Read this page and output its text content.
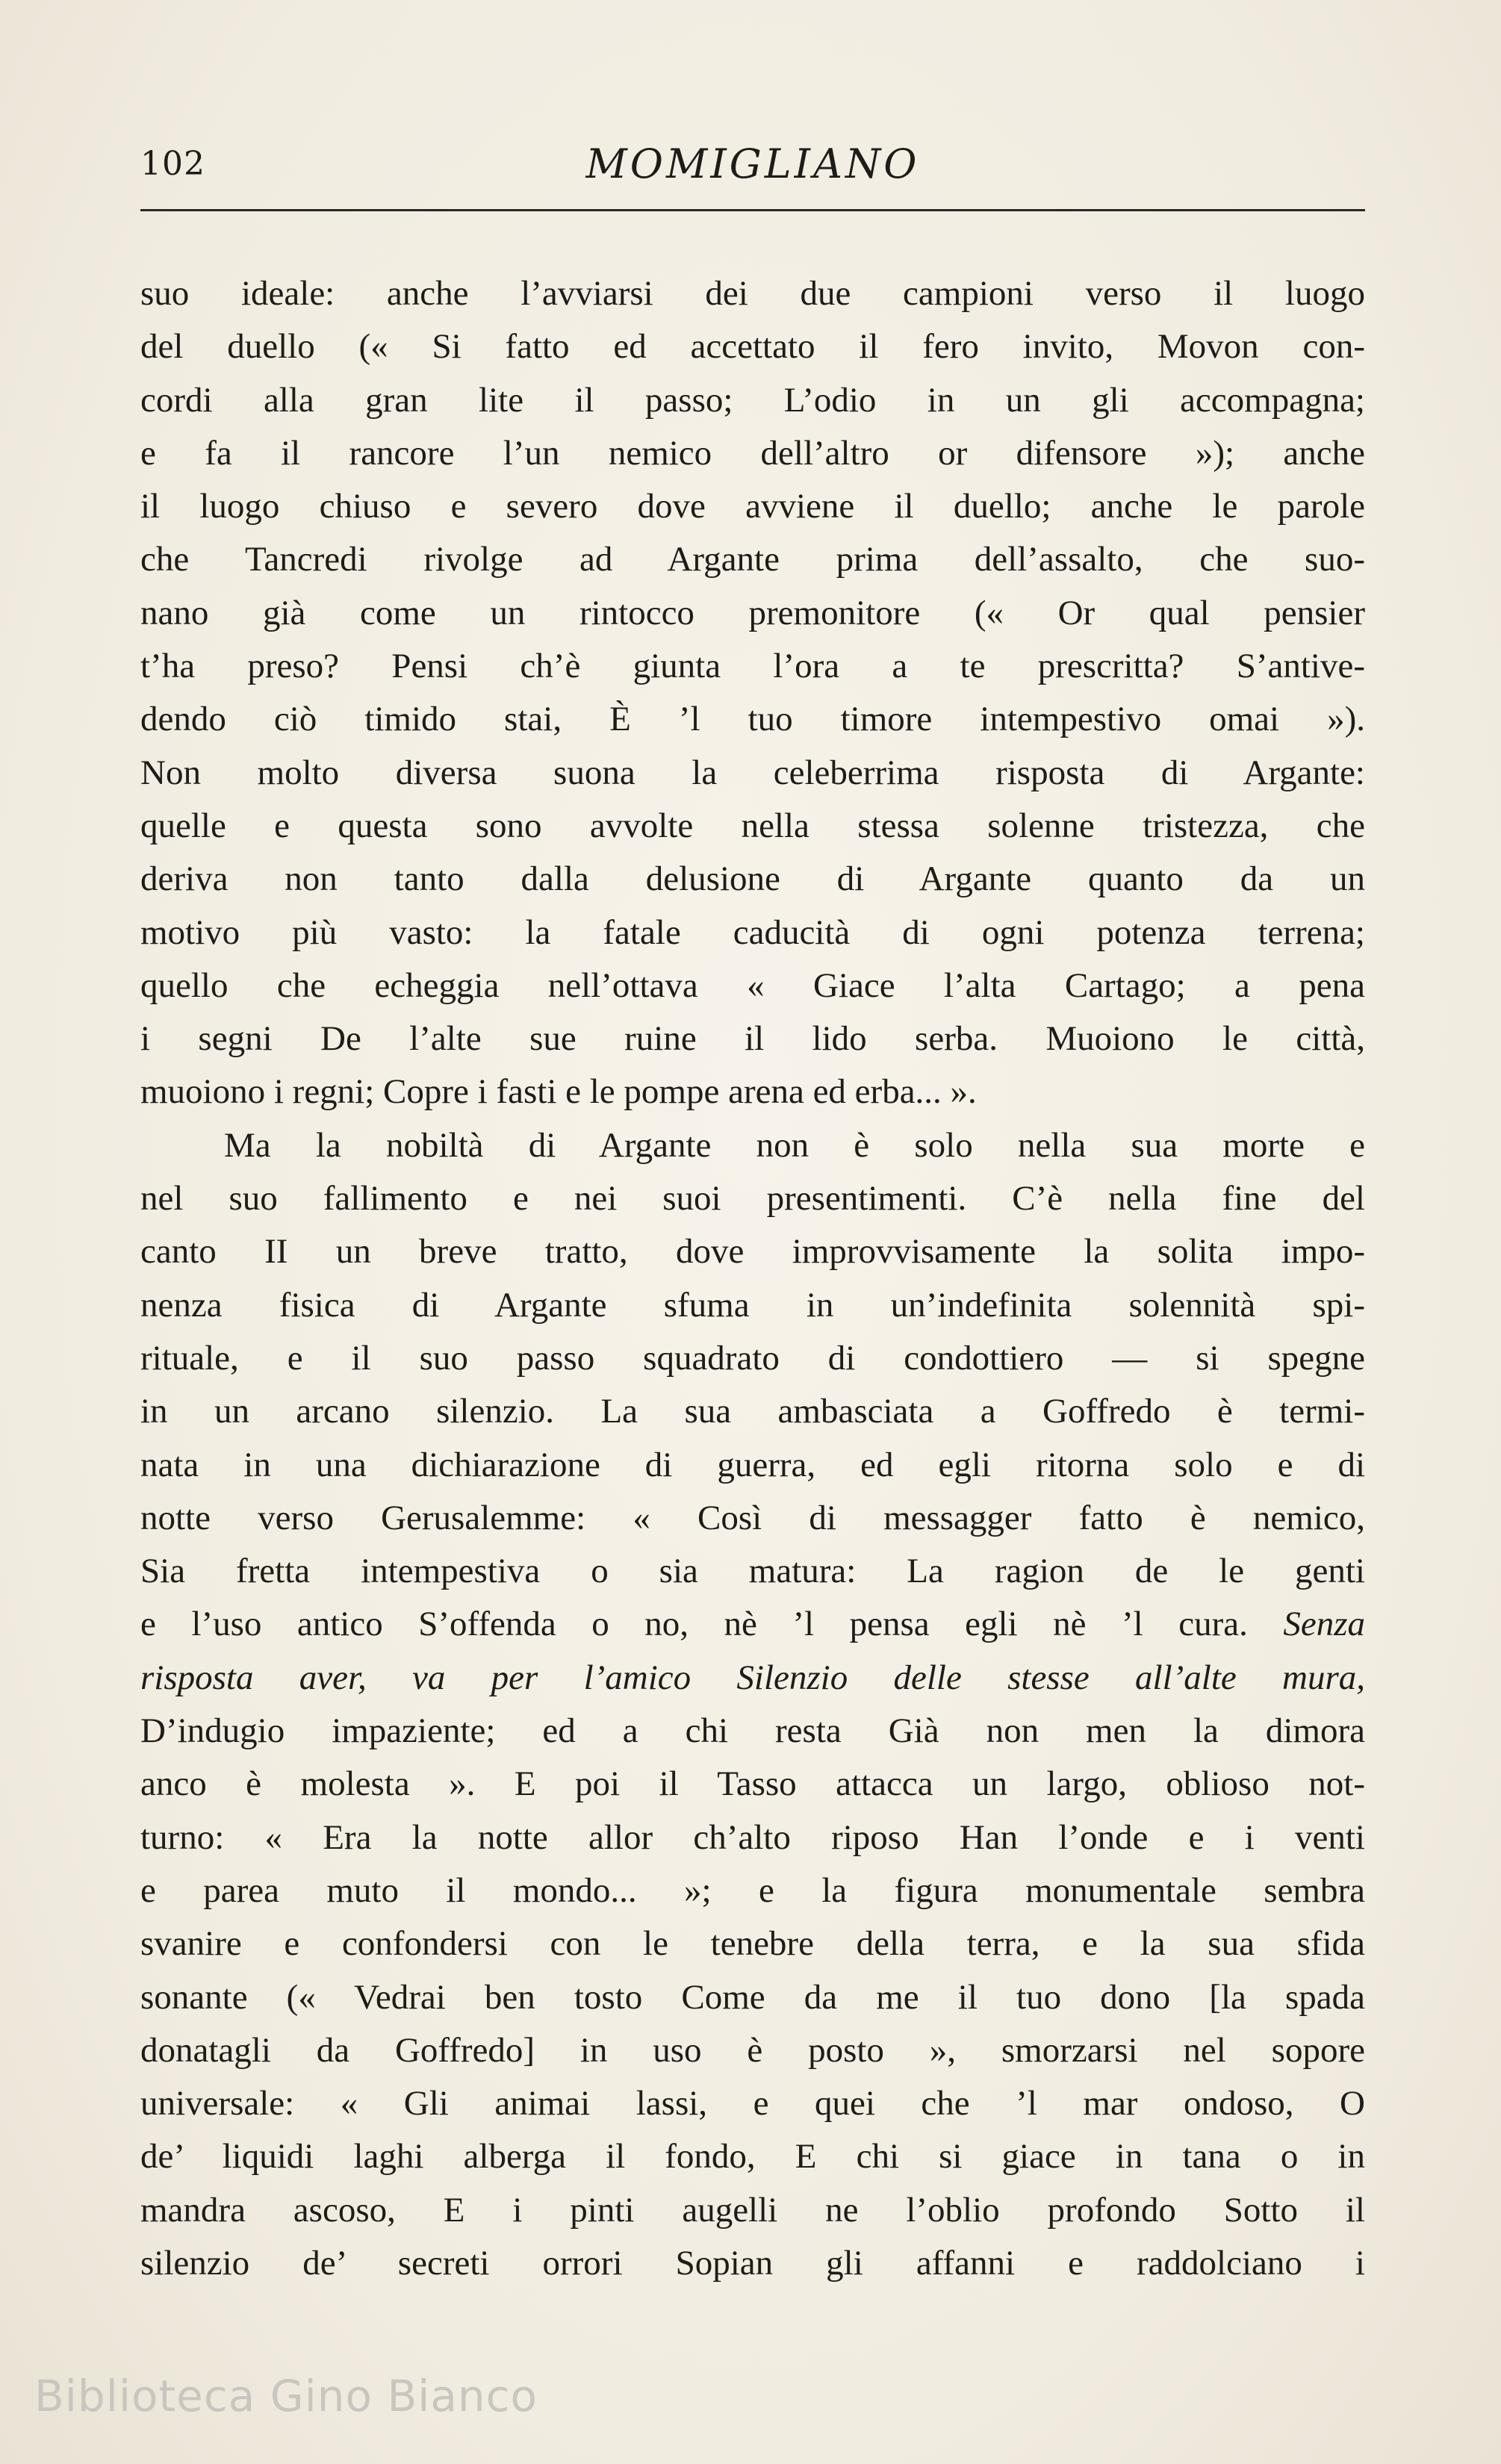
102	MOMIGLIANO
suo ideale: anche l’avviarsi dei due campioni verso il luogo
del duello (« Si fatto ed accettato il fero invito, Movon con-
cordi alla gran lite il passo; L’odio in un gli accompagna;
e fa il rancore l’un nemico dell’altro or difensore »); anche
il luogo chiuso e severo dove avviene il duello; anche le parole
che Tancredi rivolge ad Argante prima dell’assalto, che suo-
nano già come un rintocco premonitore (« Or qual pensier
t’ha preso? Pensi ch’è giunta l’ora a te prescritta? S’antive-
dendo ciò timido stai, È ’l tuo timore intempestivo omai »).
Non molto diversa suona la celeberrima risposta di Argante:
quelle e questa sono avvolte nella stessa solenne tristezza, che
deriva non tanto dalla delusione di Argante quanto da un
motivo più vasto: la fatale caducità di ogni potenza terrena;
quello che echeggia nell’ottava « Giace l’alta Cartago; a pena
i segni De l’alte sue ruine il lido serba. Muoiono le città,
muoiono i regni; Copre i fasti e le pompe arena ed erba... ».
Ma la nobiltà di Argante non è solo nella sua morte e
nel suo fallimento e nei suoi presentimenti. C’è nella fine del
canto II un breve tratto, dove improvvisamente la solita impo-
nenza fisica di Argante sfuma in un’indefinita solennità spi-
rituale, e il suo passo squadrato di condottiero — si spegne
in un arcano silenzio. La sua ambasciata a Goffredo è termi-
nata in una dichiarazione di guerra, ed egli ritorna solo e di
notte verso Gerusalemme: « Così di messagger fatto è nemico,
Sia fretta intempestiva o sia matura: La ragion de le genti
e l’uso antico S’offenda o no, nè ’l pensa egli nè ’l cura. Senza
risposta aver, va per l’amico Silenzio delle stesse all’alte mura,
D’indugio impaziente; ed a chi resta Già non men la dimora
anco è molesta ». E poi il Tasso attacca un largo, oblioso not-
turno: « Era la notte allor ch’alto riposo Han l’onde e i venti
e parea muto il mondo... »; e la figura monumentale sembra
svanire e confondersi con le tenebre della terra, e la sua sfida
sonante (« Vedrai ben tosto Come da me il tuo dono [la spada
donatagli da Goffredo] in uso è posto », smorzarsi nel sopore
universale: « Gli animai lassi, e quei che ’l mar ondoso, O
de’ liquidi laghi alberga il fondo, E chi si giace in tana o in
mandra ascoso, E i pinti augelli ne l’oblio profondo Sotto il
silenzio de’ secreti orrori Sopian gli affanni e raddolciano i
Biblioteca Gino Bianco
